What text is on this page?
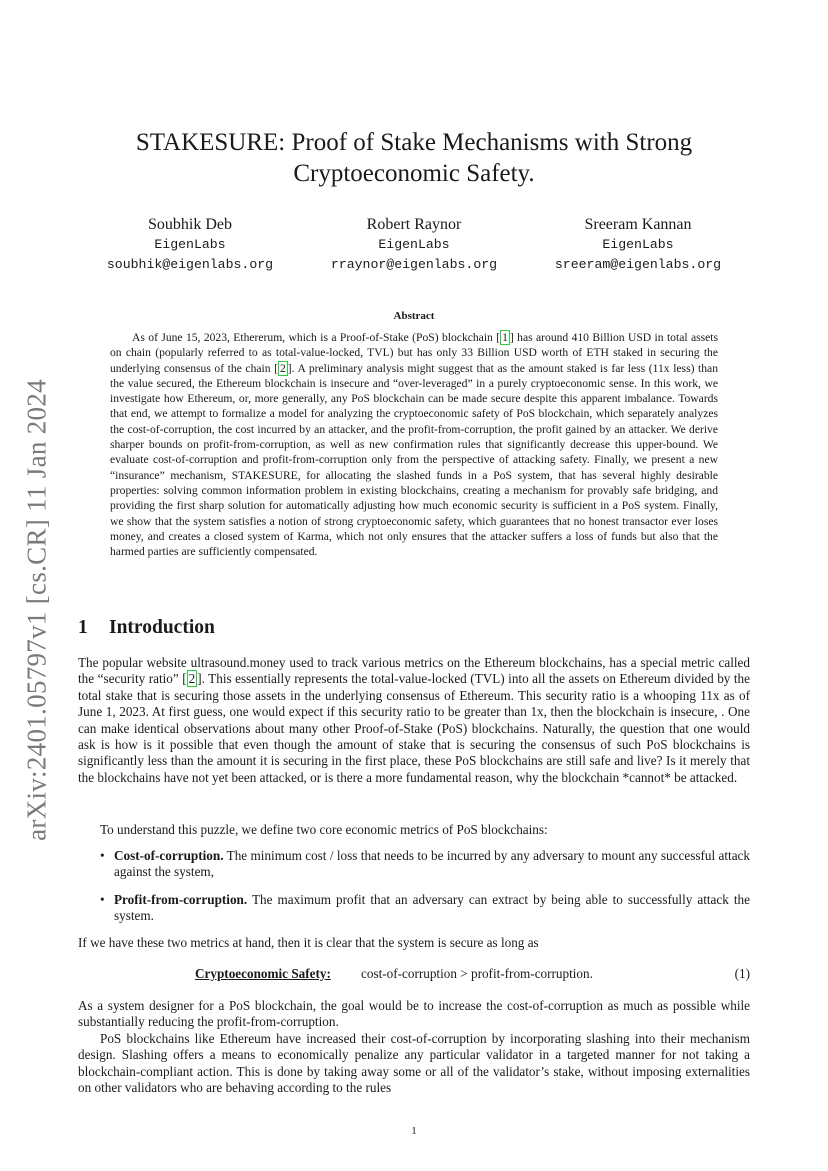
arXiv:2401.05797v1 [cs.CR] 11 Jan 2024
STAKESURE: Proof of Stake Mechanisms with Strong
Cryptoeconomic Safety.
Soubhik Deb
EigenLabs
soubhik@eigenlabs.org
Robert Raynor
EigenLabs
rraynor@eigenlabs.org
Sreeram Kannan
EigenLabs
sreeram@eigenlabs.org
Abstract

As of June 15, 2023, Ethererum, which is a Proof-of-Stake (PoS) blockchain [ 1 ] has around 410 Billion USD in total assets on chain (popularly referred to as total-value-locked, TVL) but has only 33 Billion USD worth of ETH staked in securing the underlying consensus of the chain [ 2 ]. A preliminary analysis might suggest that as the amount staked is far less (11x less) than the value secured, the Ethereum blockchain is insecure and “over-leveraged” in a purely cryptoeconomic sense. In this work, we investigate how Ethereum, or, more generally, any PoS blockchain can be made secure despite this apparent imbalance. Towards that end, we attempt to formalize a model for analyzing the cryptoeconomic safety of PoS blockchain, which separately analyzes the cost-of-corruption, the cost incurred by an attacker, and the profit-from-corruption, the profit gained by an attacker. We derive sharper bounds on profit-from-corruption, as well as new confirmation rules that significantly decrease this upper-bound. We evaluate cost-of-corruption and profit-from-corruption only from the perspective of attacking safety. Finally, we present a new “insurance” mechanism, STAKESURE, for allocating the slashed funds in a PoS system, that has several highly desirable properties: solving common information problem in existing blockchains, creating a mechanism for provably safe bridging, and providing the first sharp solution for automatically adjusting how much economic security is sufficient in a PoS system. Finally, we show that the system satisfies a notion of strong cryptoeconomic safety, which guarantees that no honest transactor ever loses money, and creates a closed system of Karma, which not only ensures that the attacker suffers a loss of funds but also that the harmed parties are sufficiently compensated.

1 Introduction

The popular website ultrasound.money used to track various metrics on the Ethereum blockchains, has a special metric called the “security ratio” [ 2 ]. This essentially represents the total-value-locked (TVL) into all the assets on Ethereum divided by the total stake that is securing those assets in the underlying consensus of Ethereum. This security ratio is a whooping 11x as of June 1, 2023. At first guess, one would expect if this security ratio to be greater than 1x, then the blockchain is insecure, . One can make identical observations about many other Proof-of-Stake (PoS) blockchains. Naturally, the question that one would ask is how is it possible that even though the amount of stake that is securing the consensus of such PoS blockchains is significantly less than the amount it is securing in the first place, these PoS blockchains are still safe and live? Is it merely that the blockchains have not yet been attacked, or is there a more fundamental reason, why the blockchain *cannot* be attacked.

To understand this puzzle, we define two core economic metrics of PoS blockchains:

• Cost-of-corruption. The minimum cost / loss that needs to be incurred by any adversary to mount any successful attack against the system,
• Profit-from-corruption. The maximum profit that an adversary can extract by being able to successfully attack the system.

If we have these two metrics at hand, then it is clear that the system is secure as long as

Cryptoeconomic Safety: cost-of-corruption > profit-from-corruption.	(1)

As a system designer for a PoS blockchain, the goal would be to increase the cost-of-corruption as much as possible while substantially reducing the profit-from-corruption.

PoS blockchains like Ethereum have increased their cost-of-corruption by incorporating slashing into their mechanism design. Slashing offers a means to economically penalize any particular validator in a targeted manner for not taking a blockchain-compliant action. This is done by taking away some or all of the validator’s stake, without imposing externalities on other validators who are behaving according to the rules

1
